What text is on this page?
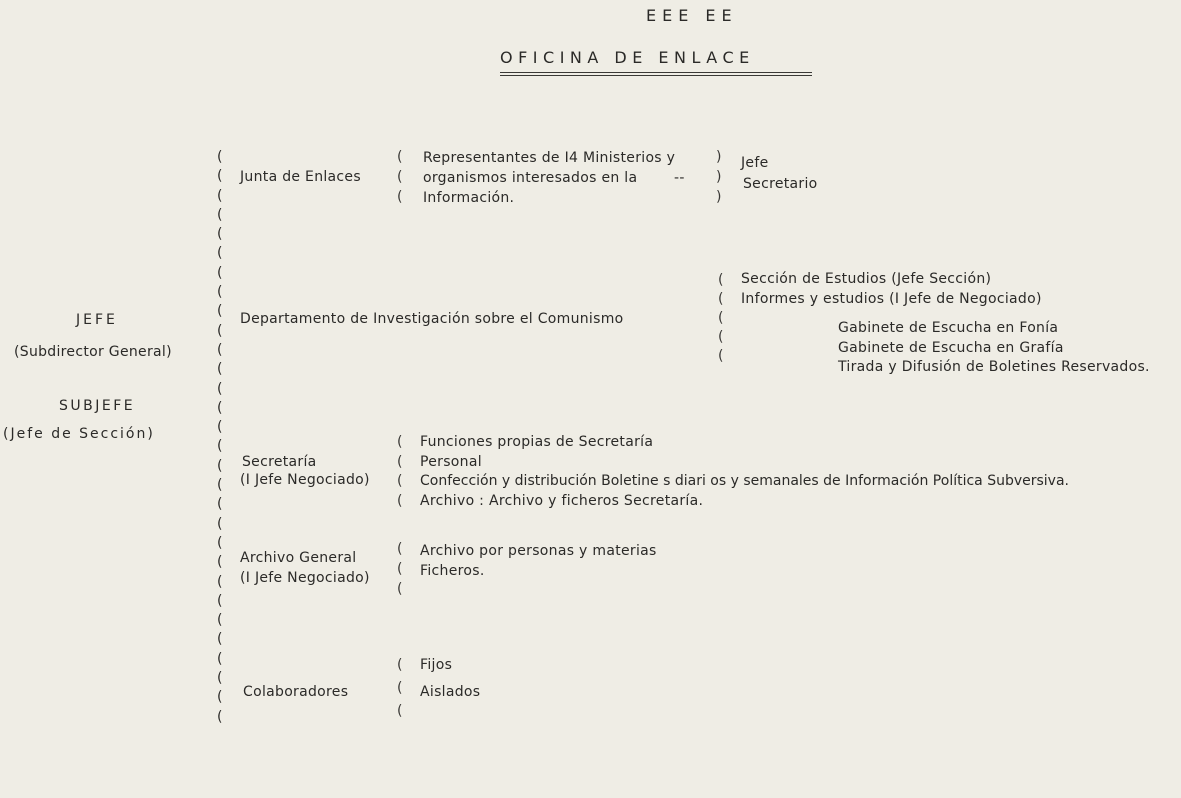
EEE EE
OFICINA DE ENLACE
JEFE
(Subdirector General)
SUBJEFE
(Jefe de Sección)
(
(
(
(
(
(
(
(
(
(
(
(
(
(
(
(
(
(
(
(
(
(
(
(
(
(
(
(
(
(
Junta de Enlaces
(
(
(
Representantes de I4 Ministerios y
organismos interesados en la
Información.
--
)
)
)
Jefe
Secretario
Departamento de Investigación sobre el Comunismo
(
(
(
(
(
Sección de Estudios (Jefe Sección)
Informes y estudios (I Jefe de Negociado)
Gabinete de Escucha en Fonía
Gabinete de Escucha en Grafía
Tirada y Difusión de Boletines Reservados.
Secretaría
(I Jefe Negociado)
(
(
(
(
Funciones propias de Secretaría
Personal
Confección y distribución Boletine s diari os y semanales de Información Política Subversiva.
Archivo : Archivo y ficheros Secretaría.
Archivo General
(I Jefe Negociado)
(
(
(
Archivo por personas y materias
Ficheros.
Colaboradores
(
(
(
Fijos
Aislados
